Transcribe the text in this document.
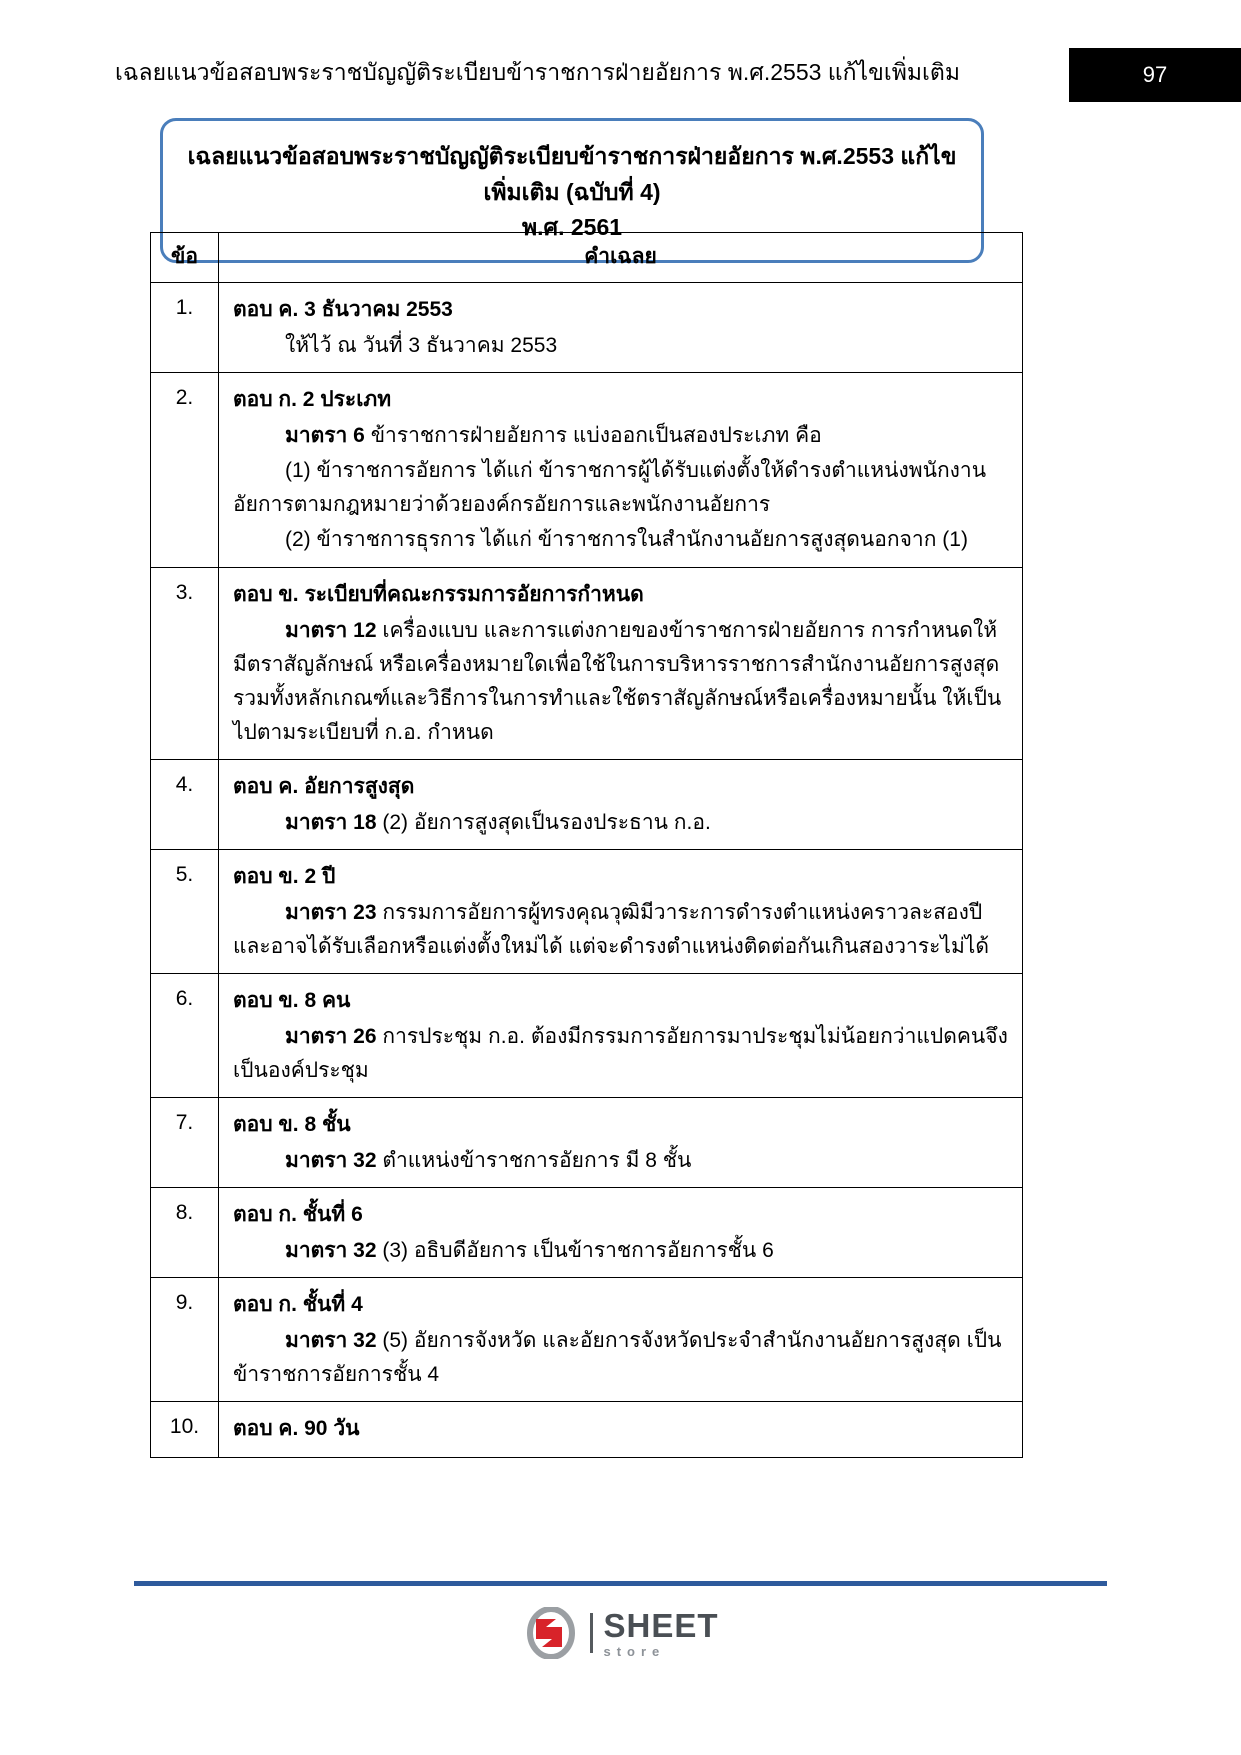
เฉลยแนวข้อสอบพระราชบัญญัติระเบียบข้าราชการฝ่ายอัยการ พ.ศ.2553 แก้ไขเพิ่มเติม	97
เฉลยแนวข้อสอบพระราชบัญญัติระเบียบข้าราชการฝ่ายอัยการ พ.ศ.2553 แก้ไขเพิ่มเติม (ฉบับที่ 4)
พ.ศ. 2561
ข้อ	คำเฉลย
1.	ตอบ ค. 3 ธันวาคม 2553
ให้ไว้ ณ วันที่ 3 ธันวาคม 2553

2.	ตอบ ก. 2 ประเภท
มาตรา 6 ข้าราชการฝ่ายอัยการ แบ่งออกเป็นสองประเภท คือ
(1) ข้าราชการอัยการ ได้แก่ ข้าราชการผู้ได้รับแต่งตั้งให้ดำรงตำแหน่งพนักงานอัยการตามกฎหมายว่าด้วยองค์กรอัยการและพนักงานอัยการ
(2) ข้าราชการธุรการ ได้แก่ ข้าราชการในสำนักงานอัยการสูงสุดนอกจาก (1)

3.	ตอบ ข. ระเบียบที่คณะกรรมการอัยการกำหนด
มาตรา 12 เครื่องแบบ และการแต่งกายของข้าราชการฝ่ายอัยการ การกำหนดให้มีตราสัญลักษณ์ หรือเครื่องหมายใดเพื่อใช้ในการบริหารราชการสำนักงานอัยการสูงสุด รวมทั้งหลักเกณฑ์และวิธีการในการทำและใช้ตราสัญลักษณ์หรือเครื่องหมายนั้น ให้เป็นไปตามระเบียบที่ ก.อ. กำหนด

4.	ตอบ ค. อัยการสูงสุด
มาตรา 18 (2) อัยการสูงสุดเป็นรองประธาน ก.อ.

5.	ตอบ ข. 2 ปี
มาตรา 23 กรรมการอัยการผู้ทรงคุณวุฒิมีวาระการดำรงตำแหน่งคราวละสองปีและอาจได้รับเลือกหรือแต่งตั้งใหม่ได้ แต่จะดำรงตำแหน่งติดต่อกันเกินสองวาระไม่ได้

6.	ตอบ ข. 8 คน
มาตรา 26 การประชุม ก.อ. ต้องมีกรรมการอัยการมาประชุมไม่น้อยกว่าแปดคนจึงเป็นองค์ประชุม

7.	ตอบ ข. 8 ชั้น
มาตรา 32 ตำแหน่งข้าราชการอัยการ มี 8 ชั้น

8.	ตอบ ก. ชั้นที่ 6
มาตรา 32 (3) อธิบดีอัยการ เป็นข้าราชการอัยการชั้น 6

9.	ตอบ ก. ชั้นที่ 4
มาตรา 32 (5) อัยการจังหวัด และอัยการจังหวัดประจำสำนักงานอัยการสูงสุด เป็นข้าราชการอัยการชั้น 4

10.	ตอบ ค. 90 วัน
SHEET
store
